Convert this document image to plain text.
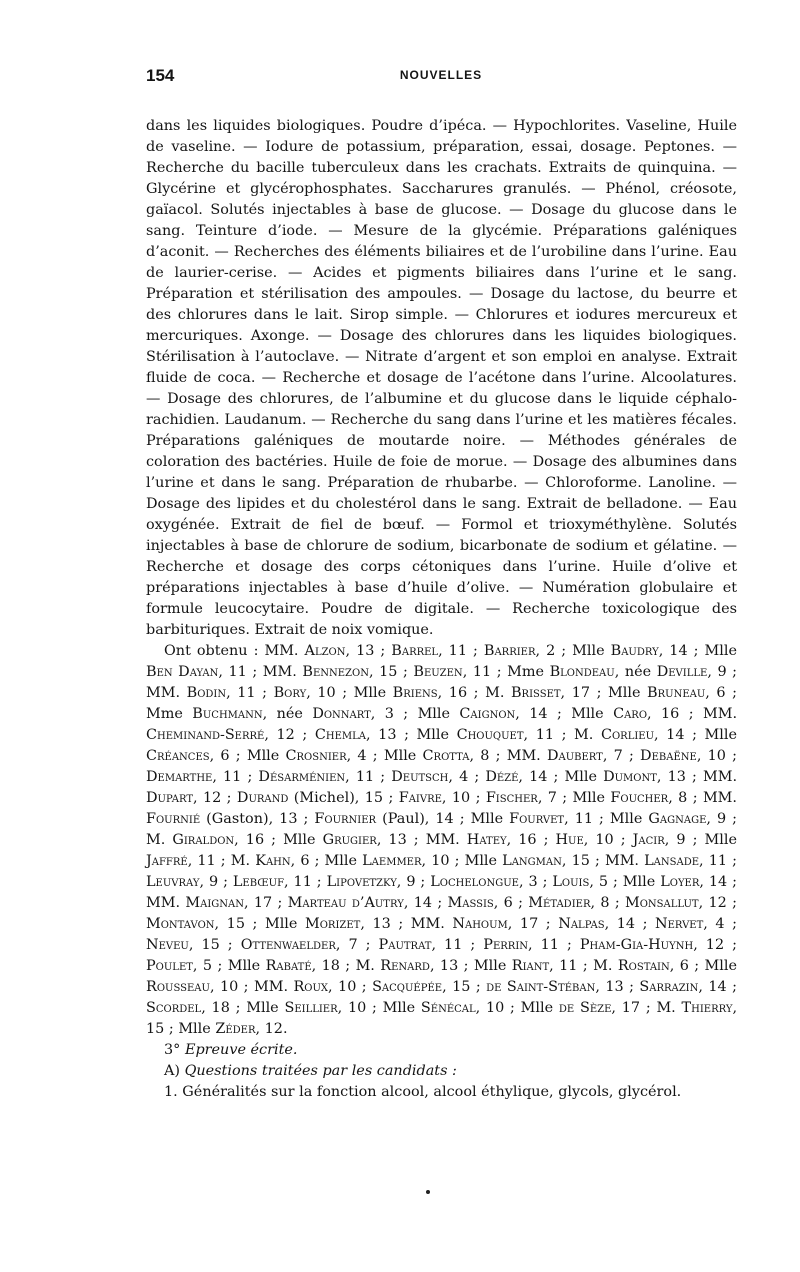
154	NOUVELLES

dans les liquides biologiques. Poudre d’ipéca. — Hypochlorites. Vaseline, Huile de vaseline. — Iodure de potassium, préparation, essai, dosage. Peptones. — Recherche du bacille tuberculeux dans les crachats. Extraits de quinquina. — Glycérine et glycérophosphates. Saccharures granulés. — Phénol, créosote, gaïacol. Solutés injectables à base de glucose. — Dosage du glucose dans le sang. Teinture d’iode. — Mesure de la glycémie. Préparations galéniques d’aconit. — Recherches des éléments biliaires et de l’urobiline dans l’urine. Eau de laurier-cerise. — Acides et pigments biliaires dans l’urine et le sang. Préparation et stérilisation des ampoules. — Dosage du lactose, du beurre et des chlorures dans le lait. Sirop simple. — Chlorures et iodures mercureux et mercuriques. Axonge. — Dosage des chlorures dans les liquides biologiques. Stérilisation à l’autoclave. — Nitrate d’argent et son emploi en analyse. Extrait fluide de coca. — Recherche et dosage de l’acétone dans l’urine. Alcoolatures. — Dosage des chlorures, de l’albumine et du glucose dans le liquide céphalo-rachidien. Laudanum. — Recherche du sang dans l’urine et les matières fécales. Préparations galéniques de moutarde noire. — Méthodes générales de coloration des bactéries. Huile de foie de morue. — Dosage des albumines dans l’urine et dans le sang. Préparation de rhubarbe. — Chloroforme. Lanoline. — Dosage des lipides et du cholestérol dans le sang. Extrait de belladone. — Eau oxygénée. Extrait de fiel de bœuf. — Formol et trioxyméthylène. Solutés injectables à base de chlorure de sodium, bicarbonate de sodium et gélatine. — Recherche et dosage des corps cétoniques dans l’urine. Huile d’olive et préparations injectables à base d’huile d’olive. — Numération globulaire et formule leucocytaire. Poudre de digitale. — Recherche toxicologique des barbituriques. Extrait de noix vomique.

Ont obtenu : MM. Alzon, 13 ; Barrel, 11 ; Barrier, 2 ; Mlle Baudry, 14 ; Mlle Ben Dayan, 11 ; MM. Bennezon, 15 ; Beuzen, 11 ; Mme Blondeau, née Deville, 9 ; MM. Bodin, 11 ; Bory, 10 ; Mlle Briens, 16 ; M. Brisset, 17 ; Mlle Bruneau, 6 ; Mme Buchmann, née Donnart, 3 ; Mlle Caignon, 14 ; Mlle Caro, 16 ; MM. Cheminand-Serré, 12 ; Chemla, 13 ; Mlle Chouquet, 11 ; M. Corlieu, 14 ; Mlle Créances, 6 ; Mlle Crosnier, 4 ; Mlle Crotta, 8 ; MM. Daubert, 7 ; Debaëne, 10 ; Demarthe, 11 ; Désarménien, 11 ; Deutsch, 4 ; Dézé, 14 ; Mlle Dumont, 13 ; MM. Dupart, 12 ; Durand (Michel), 15 ; Faivre, 10 ; Fischer, 7 ; Mlle Foucher, 8 ; MM. Fournié (Gaston), 13 ; Fournier (Paul), 14 ; Mlle Fourvet, 11 ; Mlle Gagnage, 9 ; M. Giraldon, 16 ; Mlle Grugier, 13 ; MM. Hatey, 16 ; Hue, 10 ; Jacir, 9 ; Mlle Jaffré, 11 ; M. Kahn, 6 ; Mlle Laemmer, 10 ; Mlle Langman, 15 ; MM. Lansade, 11 ; Leuvray, 9 ; Lebœuf, 11 ; Lipovetzky, 9 ; Lochelongue, 3 ; Louis, 5 ; Mlle Loyer, 14 ; MM. Maignan, 17 ; Marteau d’Autry, 14 ; Massis, 6 ; Métadier, 8 ; Monsallut, 12 ; Montavon, 15 ; Mlle Morizet, 13 ; MM. Nahoum, 17 ; Nalpas, 14 ; Nervet, 4 ; Neveu, 15 ; Ottenwaelder, 7 ; Pautrat, 11 ; Perrin, 11 ; Pham-Gia-Huynh, 12 ; Poulet, 5 ; Mlle Rabaté, 18 ; M. Renard, 13 ; Mlle Riant, 11 ; M. Rostain, 6 ; Mlle Rousseau, 10 ; MM. Roux, 10 ; Sacquépée, 15 ; de Saint-Stéban, 13 ; Sarrazin, 14 ; Scordel, 18 ; Mlle Seillier, 10 ; Mlle Sénécal, 10 ; Mlle de Sèze, 17 ; M. Thierry, 15 ; Mlle Zéder, 12.

3° Epreuve écrite.

A) Questions traitées par les candidats :

1. Généralités sur la fonction alcool, alcool éthylique, glycols, glycérol.
